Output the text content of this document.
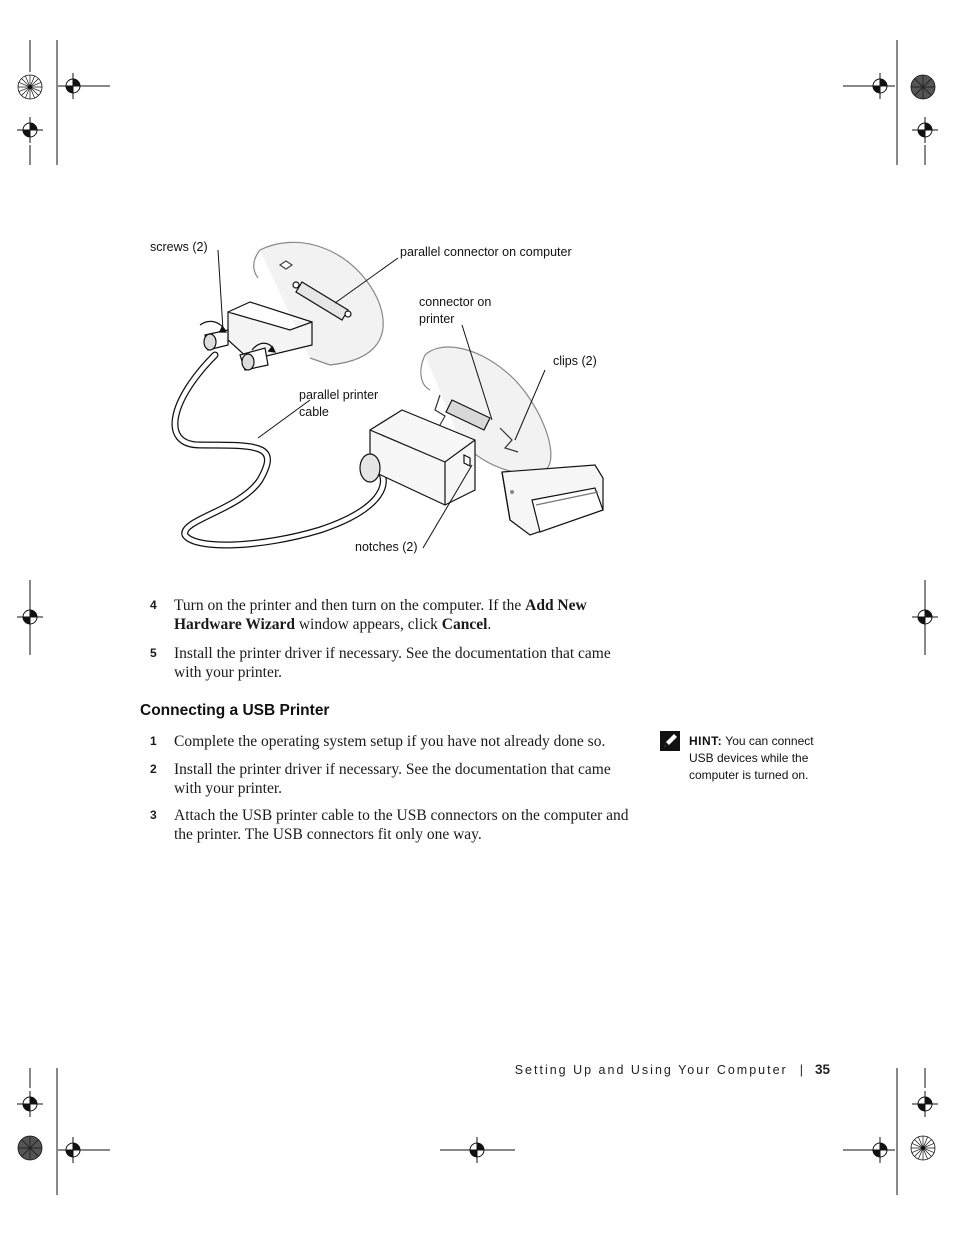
screws (2)	parallel connector on computer
connector on
printer
clips (2)
parallel printer
cable
notches (2)
4 Turn on the printer and then turn on the computer. If the Add New Hardware Wizard window appears, click Cancel.
5 Install the printer driver if necessary. See the documentation that came with your printer.
Connecting a USB Printer
1 Complete the operating system setup if you have not already done so.
2 Install the printer driver if necessary. See the documentation that came with your printer.
3 Attach the USB printer cable to the USB connectors on the computer and the printer. The USB connectors fit only one way.
HINT: You can connect USB devices while the computer is turned on.
Setting Up and Using Your Computer | 35
